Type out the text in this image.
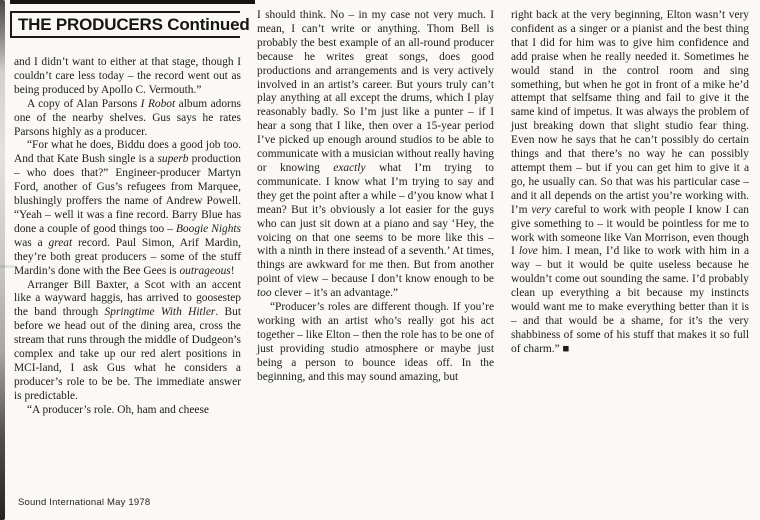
THE PRODUCERS Continued

and I didn’t want to either at that stage, though I couldn’t care less today – the record went out as being produced by Apollo C. Vermouth.”

A copy of Alan Parsons I Robot album adorns one of the nearby shelves. Gus says he rates Parsons highly as a producer.

“For what he does, Biddu does a good job too. And that Kate Bush single is a superb production – who does that?” Engineer-producer Martyn Ford, another of Gus’s refugees from Marquee, blushingly proffers the name of Andrew Powell. “Yeah – well it was a fine record. Barry Blue has done a couple of good things too – Boogie Nights was a great record. Paul Simon, Arif Mardin, they’re both great producers – some of the stuff Mardin’s done with the Bee Gees is outrageous!

Arranger Bill Baxter, a Scot with an accent like a wayward haggis, has arrived to goosestep the band through Springtime With Hitler. But before we head out of the dining area, cross the stream that runs through the middle of Dudgeon’s complex and take up our red alert positions in MCI-land, I ask Gus what he considers a producer’s role to be be. The immediate answer is predictable.

“A producer’s role. Oh, ham and cheese

I should think. No – in my case not very much. I mean, I can’t write or anything. Thom Bell is probably the best example of an all-round producer because he writes great songs, does good productions and arrangements and is very actively involved in an artist’s career. But yours truly can’t play anything at all except the drums, which I play reasonably badly. So I’m just like a punter – if I hear a song that I like, then over a 15-year period I’ve picked up enough around studios to be able to communicate with a musician without really having or knowing exactly what I’m trying to communicate. I know what I’m trying to say and they get the point after a while – d’you know what I mean? But it’s obviously a lot easier for the guys who can just sit down at a piano and say ‘Hey, the voicing on that one seems to be more like this – with a ninth in there instead of a seventh.’ At times, things are awkward for me then. But from another point of view – because I don’t know enough to be too clever – it’s an advantage.”

“Producer’s roles are different though. If you’re working with an artist who’s really got his act together – like Elton – then the role has to be one of just providing studio atmosphere or maybe just being a person to bounce ideas off. In the beginning, and this may sound amazing, but

right back at the very beginning, Elton wasn’t very confident as a singer or a pianist and the best thing that I did for him was to give him confidence and add praise when he really needed it. Sometimes he would stand in the control room and sing something, but when he got in front of a mike he’d attempt that selfsame thing and fail to give it the same kind of impetus. It was always the problem of just breaking down that slight studio fear thing. Even now he says that he can’t possibly do certain things and that there’s no way he can possibly attempt them – but if you can get him to give it a go, he usually can. So that was his particular case – and it all depends on the artist you’re working with. I’m very careful to work with people I know I can give something to – it would be pointless for me to work with someone like Van Morrison, even though I love him. I mean, I’d like to work with him in a way – but it would be quite useless because he wouldn’t come out sounding the same. I’d probably clean up everything a bit because my instincts would want me to make everything better than it is – and that would be a shame, for it’s the very shabbiness of some of his stuff that makes it so full of charm.” ■

Sound International May 1978
